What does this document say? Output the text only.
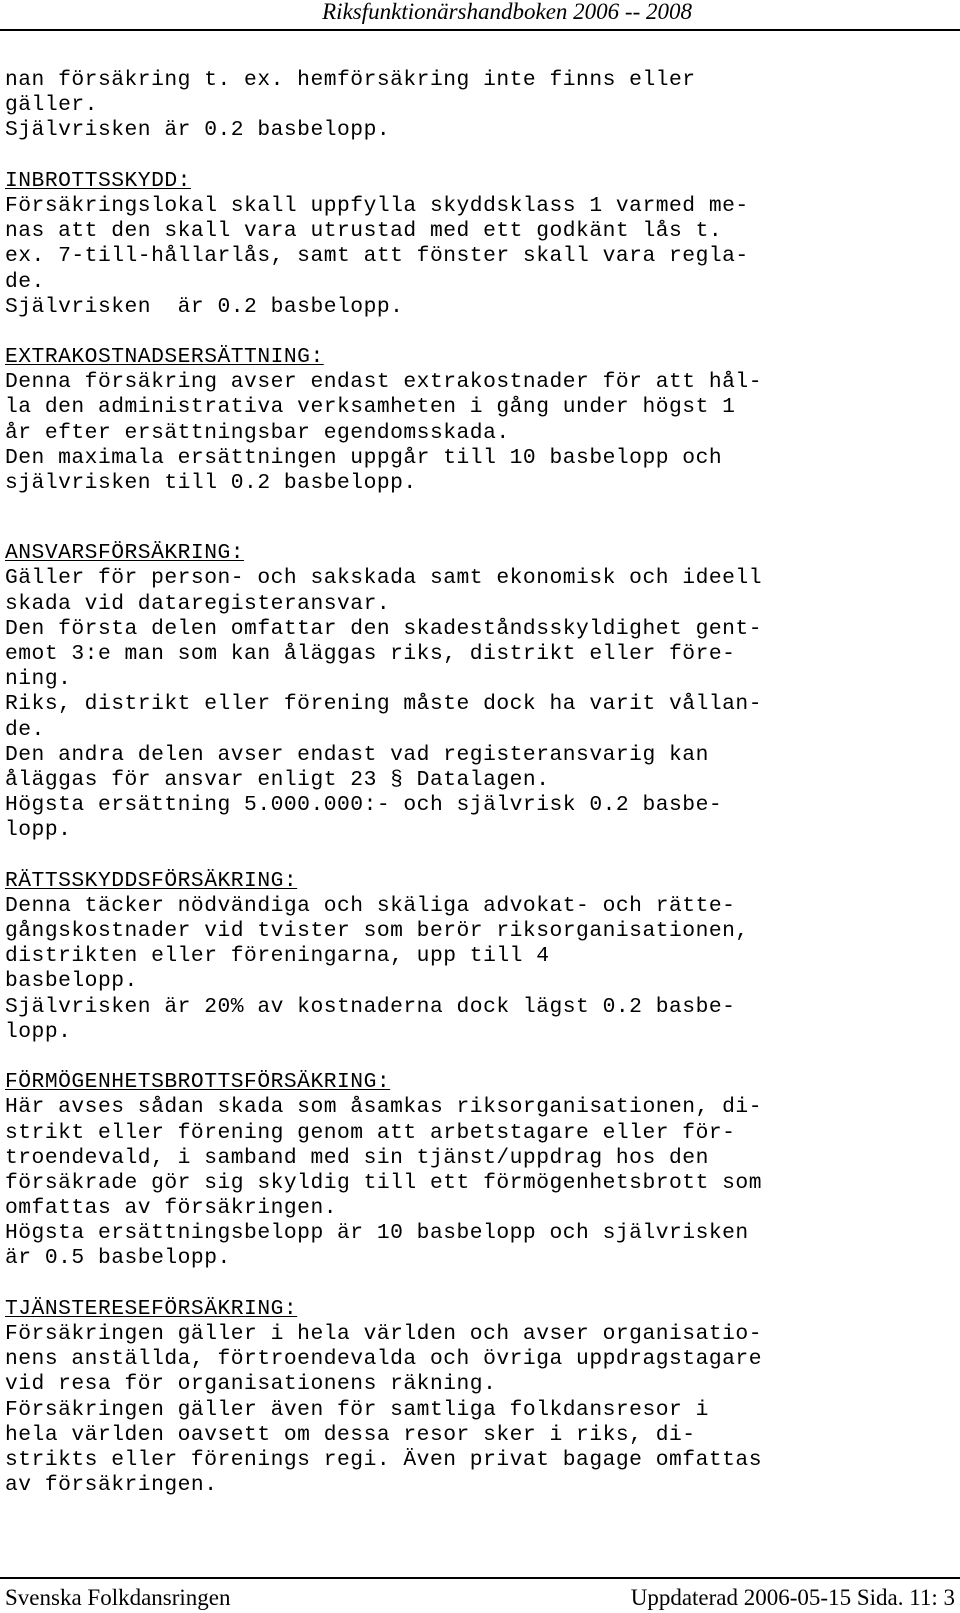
Riksfunktionärshandboken 2006 -- 2008
nan försäkring t. ex. hemförsäkring inte finns eller
gäller.
Självrisken är 0.2 basbelopp.
INBROTTSSKYDD:
Försäkringslokal skall uppfylla skyddsklass 1 varmed me-
nas att den skall vara utrustad med ett godkänt lås t.
ex. 7-till-hållarlås, samt att fönster skall vara regla-
de.
Självrisken  är 0.2 basbelopp.
EXTRAKOSTNADSERSÄTTNING:
Denna försäkring avser endast extrakostnader för att hål-
la den administrativa verksamheten i gång under högst 1
år efter ersättningsbar egendomsskada.
Den maximala ersättningen uppgår till 10 basbelopp och
självrisken till 0.2 basbelopp.
ANSVARSFÖRSÄKRING:
Gäller för person- och sakskada samt ekonomisk och ideell
skada vid dataregisteransvar.
Den första delen omfattar den skadeståndsskyldighet gent-
emot 3:e man som kan åläggas riks, distrikt eller före-
ning.
Riks, distrikt eller förening måste dock ha varit vållan-
de.
Den andra delen avser endast vad registeransvarig kan
åläggas för ansvar enligt 23 § Datalagen.
Högsta ersättning 5.000.000:- och självrisk 0.2 basbe-
lopp.
RÄTTSSKYDDSFÖRSÄKRING:
Denna täcker nödvändiga och skäliga advokat- och rätte-
gångskostnader vid tvister som berör riksorganisationen,
distrikten eller föreningarna, upp till 4
basbelopp.
Självrisken är 20% av kostnaderna dock lägst 0.2 basbe-
lopp.
FÖRMÖGENHETSBROTTSFÖRSÄKRING:
Här avses sådan skada som åsamkas riksorganisationen, di-
strikt eller förening genom att arbetstagare eller för-
troendevald, i samband med sin tjänst/uppdrag hos den
försäkrade gör sig skyldig till ett förmögenhetsbrott som
omfattas av försäkringen.
Högsta ersättningsbelopp är 10 basbelopp och självrisken
är 0.5 basbelopp.
TJÄNSTERESEFÖRSÄKRING:
Försäkringen gäller i hela världen och avser organisatio-
nens anställda, förtroendevalda och övriga uppdragstagare
vid resa för organisationens räkning.
Försäkringen gäller även för samtliga folkdansresor i
hela världen oavsett om dessa resor sker i riks, di-
strikts eller förenings regi. Även privat bagage omfattas
av försäkringen.
Svenska Folkdansringen	Uppdaterad 2006-05-15 Sida. 11: 3
